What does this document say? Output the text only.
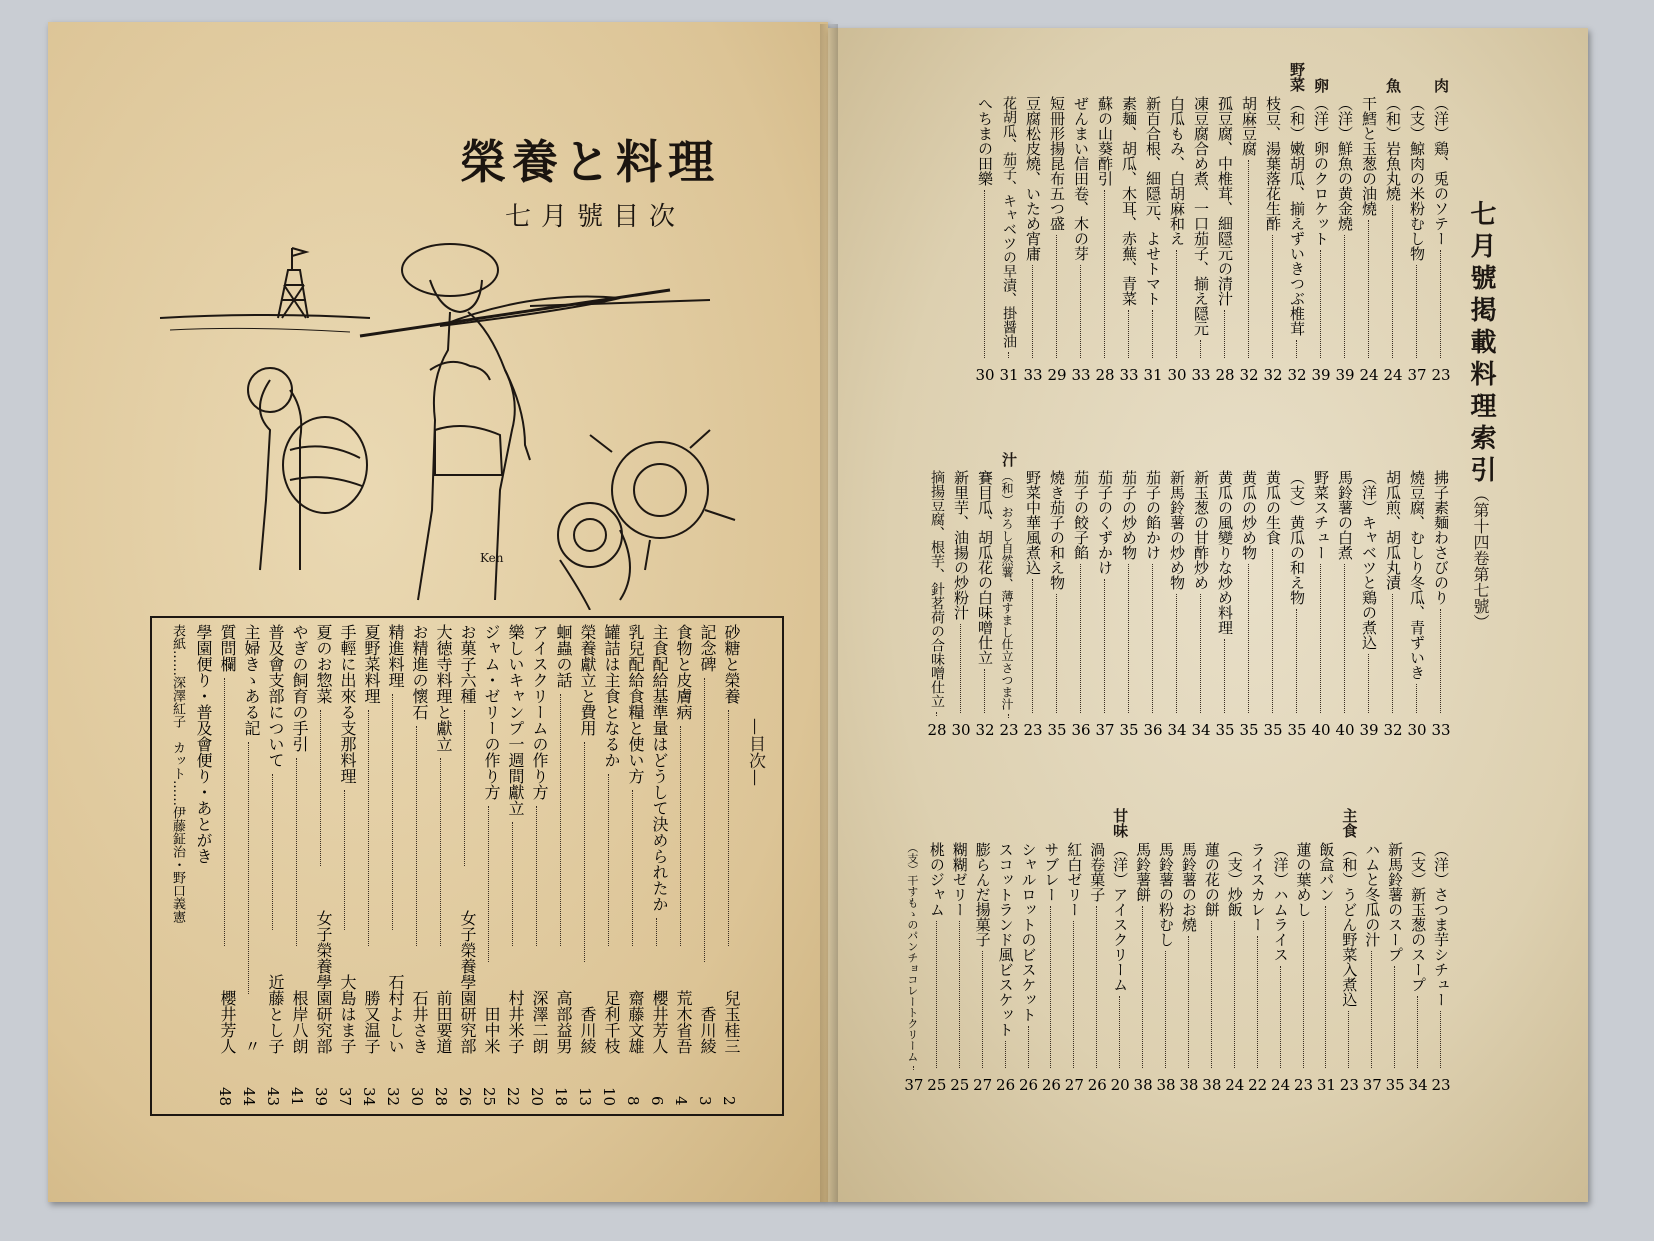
榮養と料理
七月號目次
Ken
—目次—
砂糖と榮養
兒玉桂三
2
記念碑
香川綾
3
食物と皮膚病
荒木省吾
4
主食配給基準量はどうして決められたか
櫻井芳人
6
乳兒配給食糧と使い方
齋藤文雄
8
罐詰は主食となるか
足利千枝
10
榮養獻立と費用
香川綾
13
蛔蟲の話
高部益男
18
アイスクリームの作り方
深澤二朗
20
樂しいキャンプ一週間獻立
村井米子
22
ジャム・ゼリーの作り方
田中米
25
お菓子六種
女子榮養學園研究部
26
大徳寺料理と獻立
前田要道
28
お精進の懷石
石井さき
30
精進料理
石村よしい
32
夏野菜料理
勝又温子
34
手輕に出來る支那料理
大島はま子
37
夏のお惣菜
女子榮養學園研究部
39
やぎの飼育の手引
根岸八朗
41
普及會支部について
近藤とし子
43
主婦きゝある記
〃
44
質問欄
櫻井芳人
48
學園便り・普及會便り・あとがき
表紙……深澤紅子　カット……伊藤鉦治・野口義憲
七月號掲載料理索引
（第十四卷第七號）
（洋）鶏、兎のソテー
23
肉
（支）鯨肉の米粉むし物
37
（和）岩魚丸燒
24
魚
干鱈と玉葱の油燒
24
（洋）鮮魚の黄金燒
39
（洋）卵のクロケット
39
卵
（和）嫩胡瓜、揃えずいきつぶ椎茸
32
野菜
枝豆、湯葉落花生酢
32
胡麻豆腐
32
孤豆腐、中椎茸、細隠元の清汁
28
凍豆腐合め煮、一口茄子、揃え隠元
33
白瓜もみ、白胡麻和え
30
新百合根、細隠元、よせトマト
31
素麺、胡瓜、木耳、赤蕪、青菜
33
蘇の山葵酢引
28
ぜんまい信田卷、木の芽
33
短冊形揚昆布五つ盛
29
豆腐松皮燒、いため宵庸
33
花胡瓜、茄子、キャベツの早漬、掛醤油
31
へちまの田樂
30
拂子素麺わさびのり
33
燒豆腐、むしり冬瓜、青ずいき
30
胡瓜煎、胡瓜丸漬
32
（洋）キャベツと鶏の煮込
39
馬鈴薯の白煮
40
野菜スチュー
40
（支）黄瓜の和え物
35
黄瓜の生食
35
黄瓜の炒め物
35
黄瓜の風變りな炒め料理
35
新玉葱の甘酢炒め
34
新馬鈴薯の炒め物
34
茄子の餡かけ
36
茄子の炒め物
35
茄子のくずかけ
37
茄子の餃子餡
36
燒き茄子の和え物
35
野菜中華風煮込
23
（和）おろし自然薯、薄すまし仕立さつま汁
23
汁
賽目瓜、胡瓜花の白味噌仕立
32
新里芋、油揚の炒粉汁
30
摘揚豆腐、根芋、針茗荷の合味噌仕立
28
（洋）さつま芋シチュー
23
（支）新玉葱のスープ
34
新馬鈴薯のスープ
35
ハムと冬瓜の汁
37
（和）うどん野菜入煮込
23
主食
飯盒パン
31
蓮の葉めし
23
（洋）ハムライス
24
ライスカレー
22
（支）炒飯
24
蓮の花の餅
38
馬鈴薯のお燒
38
馬鈴薯の粉むし
38
馬鈴薯餅
38
（洋）アイスクリーム
20
甘味
渦卷菓子
26
紅白ゼリー
27
サブレー
26
シャルロットのビスケット
26
スコットランド風ビスケット
26
膨らんだ揚菓子
27
糊糊ゼリー
25
桃のジャム
25
（支）干すもゝのパンチョコレートクリーム
37
